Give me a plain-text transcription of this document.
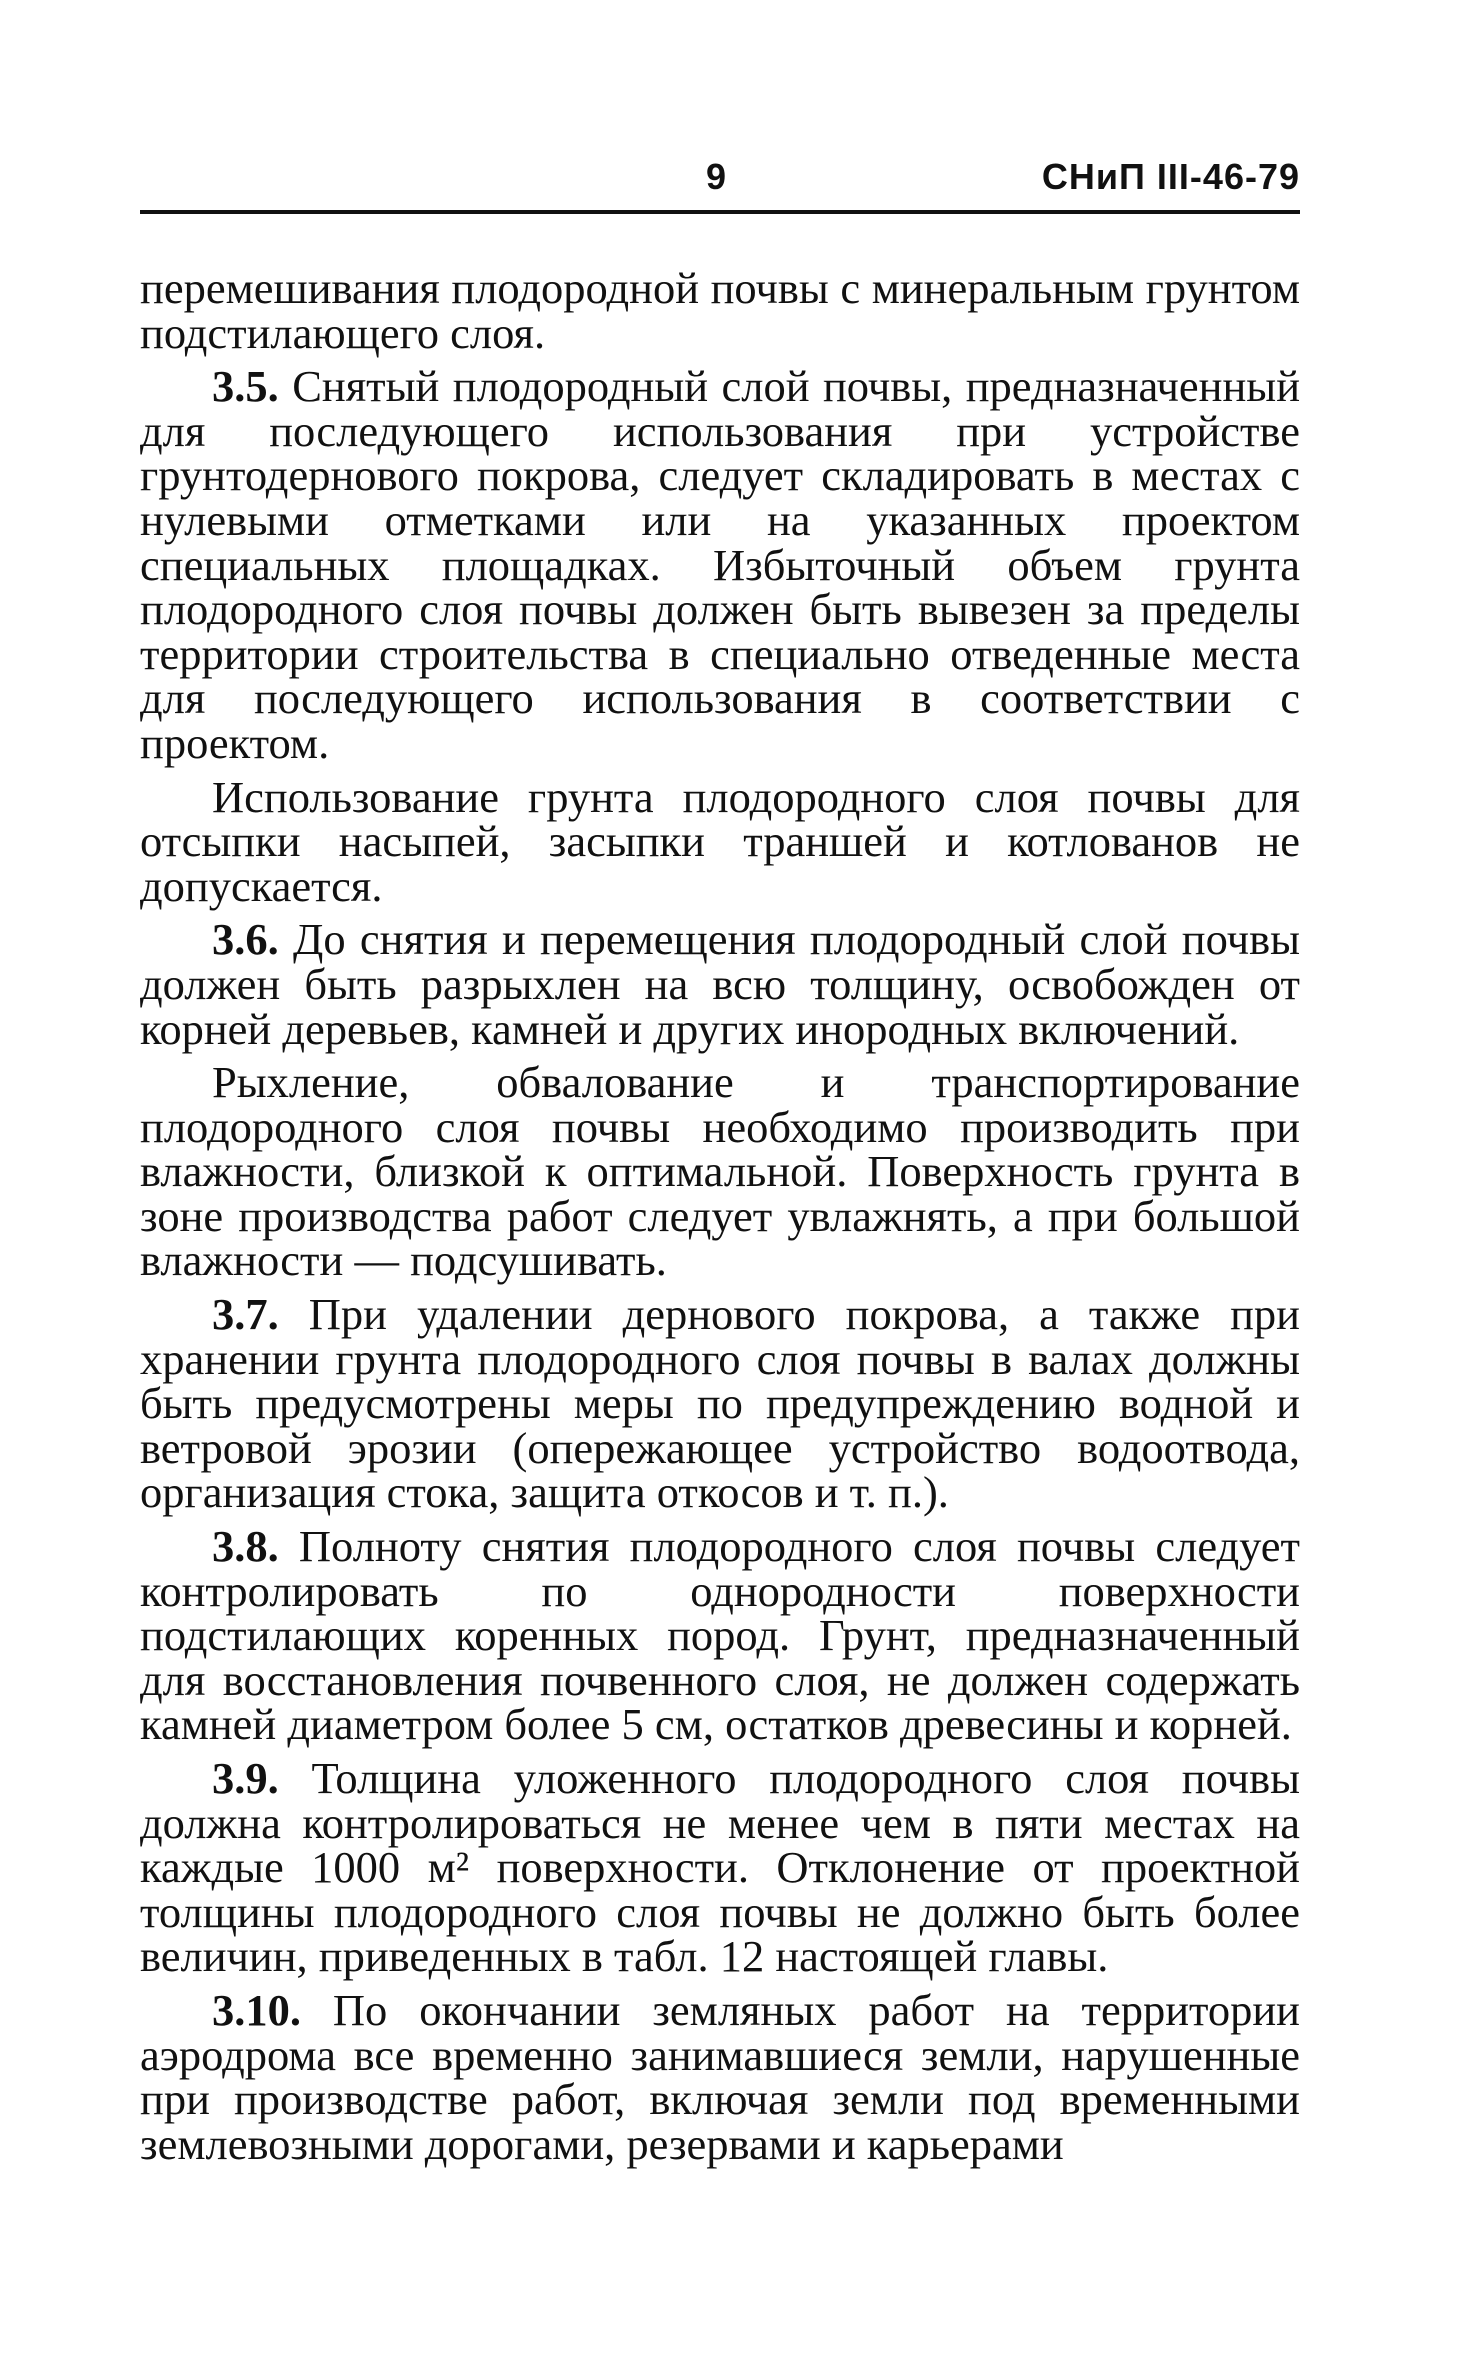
9	СНиП III-46-79

перемешивания плодородной почвы с минеральным грунтом подстилающего слоя.

3.5. Снятый плодородный слой почвы, предназначенный для последующего использования при устройстве грунтодернового покрова, следует складировать в местах с нулевыми отметками или на указанных проектом специальных площадках. Избыточный объем грунта плодородного слоя почвы должен быть вывезен за пределы территории строительства в специально отведенные места для последующего использования в соответствии с проектом.

Использование грунта плодородного слоя почвы для отсыпки насыпей, засыпки траншей и котлованов не допускается.

3.6. До снятия и перемещения плодородный слой почвы должен быть разрыхлен на всю толщину, освобожден от корней деревьев, камней и других инородных включений.

Рыхление, обвалование и транспортирование плодородного слоя почвы необходимо производить при влажности, близкой к оптимальной. Поверхность грунта в зоне производства работ следует увлажнять, а при большой влажности — подсушивать.

3.7. При удалении дернового покрова, а также при хранении грунта плодородного слоя почвы в валах должны быть предусмотрены меры по предупреждению водной и ветровой эрозии (опережающее устройство водоотвода, организация стока, защита откосов и т. п.).

3.8. Полноту снятия плодородного слоя почвы следует контролировать по однородности поверхности подстилающих коренных пород. Грунт, предназначенный для восстановления почвенного слоя, не должен содержать камней диаметром более 5 см, остатков древесины и корней.

3.9. Толщина уложенного плодородного слоя почвы должна контролироваться не менее чем в пяти местах на каждые 1000 м² поверхности. Отклонение от проектной толщины плодородного слоя почвы не должно быть более величин, приведенных в табл. 12 настоящей главы.

3.10. По окончании земляных работ на территории аэродрома все временно занимавшиеся земли, нарушенные при производстве работ, включая земли под временными землевозными дорогами, резервами и карьерами
